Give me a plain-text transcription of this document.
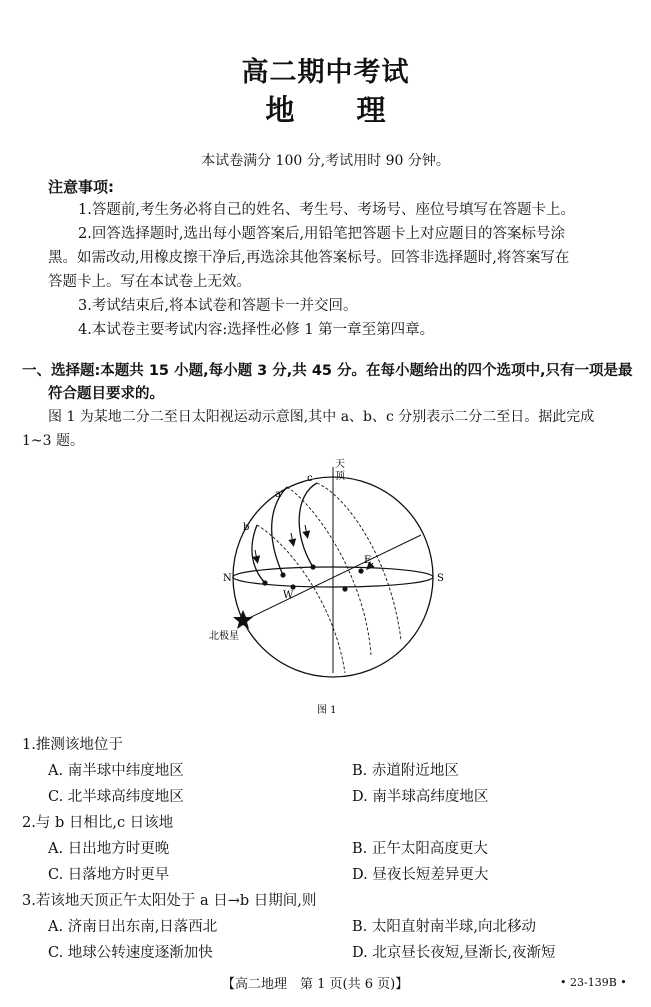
高二期中考试
地理
本试卷满分 100 分,考试用时 90 分钟。
注意事项:
1.答题前,考生务必将自己的姓名、考生号、考场号、座位号填写在答题卡上。
2.回答选择题时,选出每小题答案后,用铅笔把答题卡上对应题目的答案标号涂
黑。如需改动,用橡皮擦干净后,再选涂其他答案标号。回答非选择题时,将答案写在
答题卡上。写在本试卷上无效。
3.考试结束后,将本试卷和答题卡一并交回。
4.本试卷主要考试内容:选择性必修 1 第一章至第四章。
一、选择题:本题共 15 小题,每小题 3 分,共 45 分。在每小题给出的四个选项中,只有一项是最
符合题目要求的。
图 1 为某地二分二至日太阳视运动示意图,其中 a、b、c 分别表示二分二至日。据此完成
1~3 题。
天
顶
c
a
b
N	S
E
W
北极星
图 1
1.推测该地位于
A. 南半球中纬度地区	B. 赤道附近地区
C. 北半球高纬度地区	D. 南半球高纬度地区
2.与 b 日相比,c 日该地
A. 日出地方时更晚	B. 正午太阳高度更大
C. 日落地方时更早	D. 昼夜长短差异更大
3.若该地天顶正午太阳处于 a 日→b 日期间,则
A. 济南日出东南,日落西北	B. 太阳直射南半球,向北移动
C. 地球公转速度逐渐加快	D. 北京昼长夜短,昼渐长,夜渐短
【高二地理　第 1 页(共 6 页)】	• 23-139B •
